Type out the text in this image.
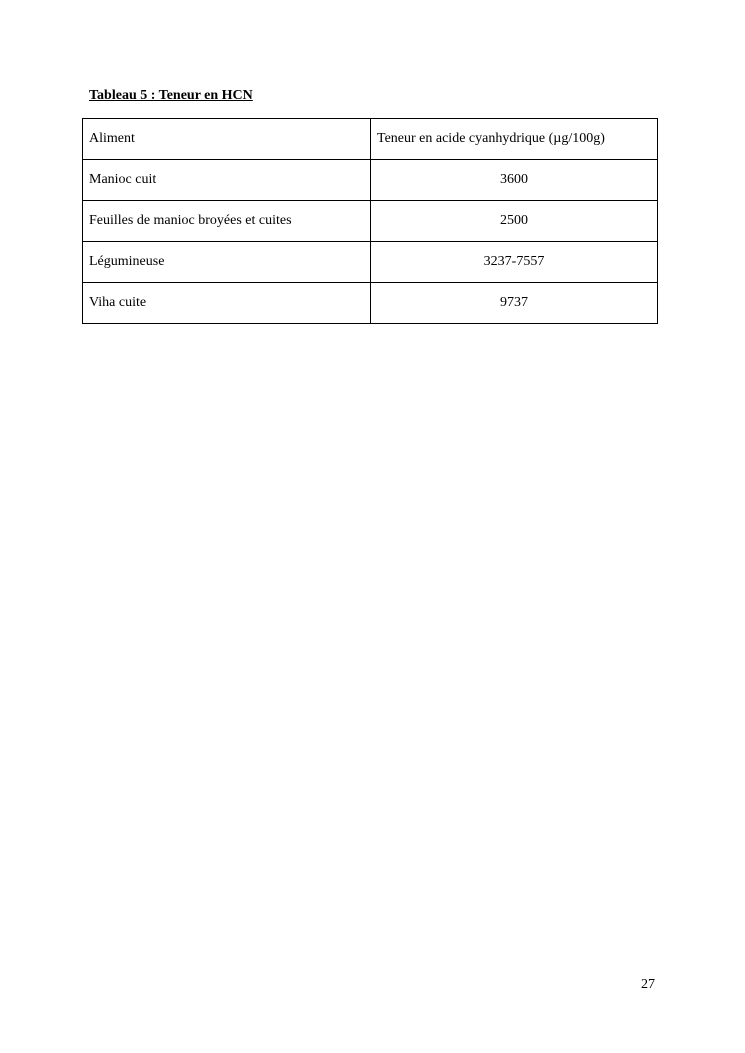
Tableau 5 : Teneur en HCN
Aliment	Teneur en acide cyanhydrique (µg/100g)
Manioc cuit	3600
Feuilles de manioc broyées et cuites	2500
Légumineuse	3237-7557
Viha cuite	9737
27
